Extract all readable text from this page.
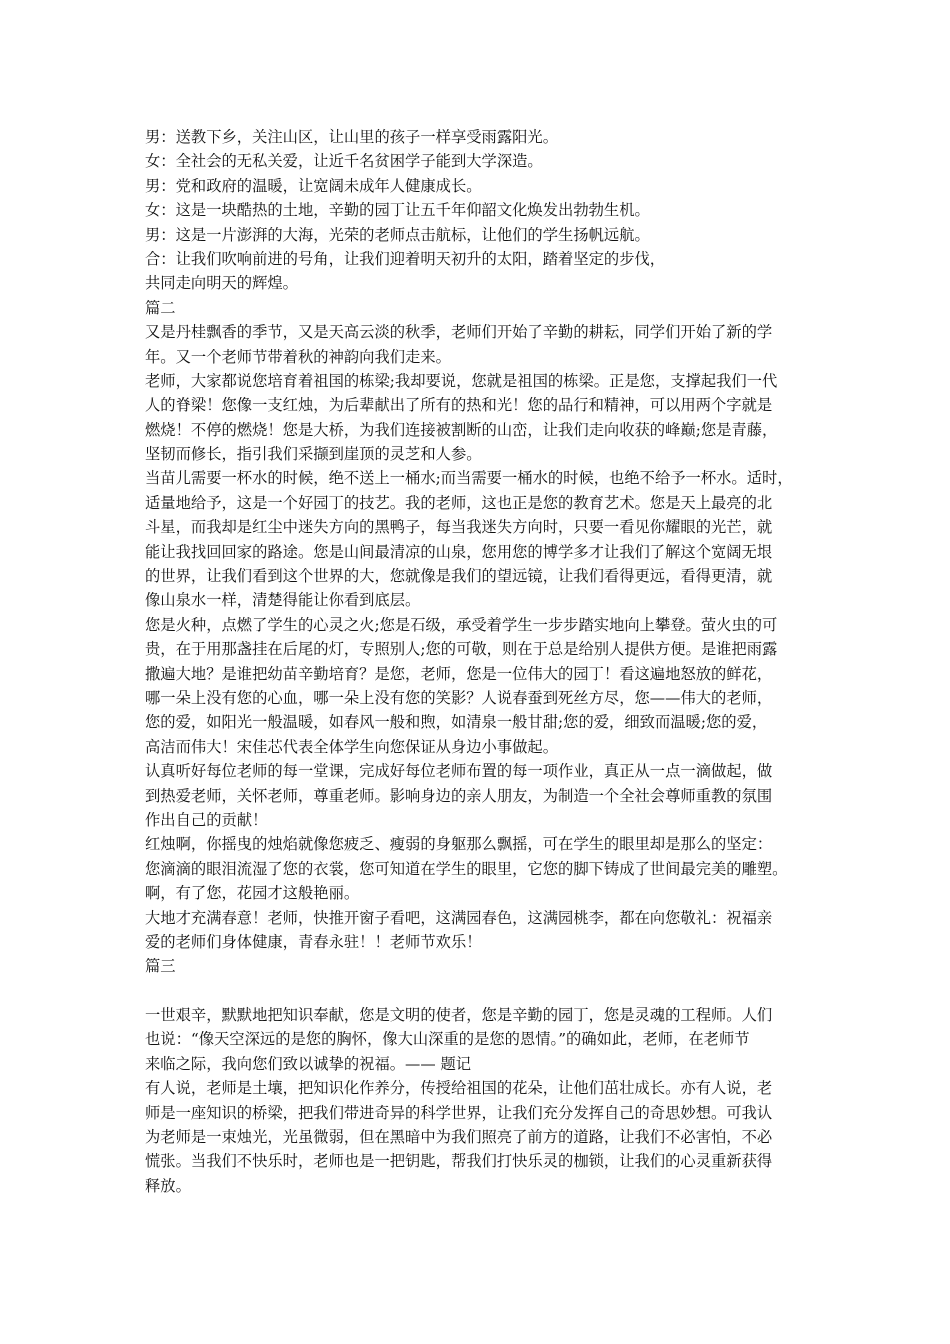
男：送教下乡，关注山区，让山里的孩子一样享受雨露阳光。
女：全社会的无私关爱，让近千名贫困学子能到大学深造。
男：党和政府的温暖，让宽阔未成年人健康成长。
女：这是一块酷热的土地，辛勤的园丁让五千年仰韶文化焕发出勃勃生机。
男：这是一片澎湃的大海，光荣的老师点击航标，让他们的学生扬帆远航。
合：让我们吹响前进的号角，让我们迎着明天初升的太阳，踏着坚定的步伐，
共同走向明天的辉煌。
篇二
又是丹桂飘香的季节，又是天高云淡的秋季，老师们开始了辛勤的耕耘，同学们开始了新的学
年。又一个老师节带着秋的神韵向我们走来。
老师，大家都说您培育着祖国的栋梁;我却要说，您就是祖国的栋梁。正是您，支撑起我们一代
人的脊梁！您像一支红烛，为后辈献出了所有的热和光！您的品行和精神，可以用两个字就是
燃烧！不停的燃烧！您是大桥，为我们连接被割断的山峦，让我们走向收获的峰巅;您是青藤，
坚韧而修长，指引我们采撷到崖顶的灵芝和人参。
当苗儿需要一杯水的时候，绝不送上一桶水;而当需要一桶水的时候，也绝不给予一杯水。适时，
适量地给予，这是一个好园丁的技艺。我的老师，这也正是您的教育艺术。您是天上最亮的北
斗星，而我却是红尘中迷失方向的黑鸭子，每当我迷失方向时，只要一看见你耀眼的光芒，就
能让我找回回家的路途。您是山间最清凉的山泉，您用您的博学多才让我们了解这个宽阔无垠
的世界，让我们看到这个世界的大，您就像是我们的望远镜，让我们看得更远，看得更清，就
像山泉水一样，清楚得能让你看到底层。
您是火种，点燃了学生的心灵之火;您是石级，承受着学生一步步踏实地向上攀登。萤火虫的可
贵，在于用那盏挂在后尾的灯，专照别人;您的可敬，则在于总是给别人提供方便。是谁把雨露
撒遍大地？是谁把幼苗辛勤培育？是您，老师，您是一位伟大的园丁！看这遍地怒放的鲜花，
哪一朵上没有您的心血，哪一朵上没有您的笑影？人说春蚕到死丝方尽，您——伟大的老师，
您的爱，如阳光一般温暖，如春风一般和煦，如清泉一般甘甜;您的爱，细致而温暖;您的爱，
高洁而伟大！宋佳芯代表全体学生向您保证从身边小事做起。
认真听好每位老师的每一堂课，完成好每位老师布置的每一项作业，真正从一点一滴做起，做
到热爱老师，关怀老师，尊重老师。影响身边的亲人朋友，为制造一个全社会尊师重教的氛围
作出自己的贡献！
红烛啊，你摇曳的烛焰就像您疲乏、瘦弱的身躯那么飘摇，可在学生的眼里却是那么的坚定：
您滴滴的眼泪流湿了您的衣裳，您可知道在学生的眼里，它您的脚下铸成了世间最完美的雕塑。
啊，有了您，花园才这般艳丽。
大地才充满春意！老师，快推开窗子看吧，这满园春色，这满园桃李，都在向您敬礼：祝福亲
爱的老师们身体健康，青春永驻！！老师节欢乐！
篇三
一世艰辛，默默地把知识奉献，您是文明的使者，您是辛勤的园丁，您是灵魂的工程师。人们
也说：“像天空深远的是您的胸怀，像大山深重的是您的恩情。”的确如此，老师，在老师节
来临之际，我向您们致以诚挚的祝福。—— 题记
有人说，老师是土壤，把知识化作养分，传授给祖国的花朵，让他们茁壮成长。亦有人说，老
师是一座知识的桥梁，把我们带进奇异的科学世界，让我们充分发挥自己的奇思妙想。可我认
为老师是一束烛光，光虽微弱，但在黑暗中为我们照亮了前方的道路，让我们不必害怕，不必
慌张。当我们不快乐时，老师也是一把钥匙，帮我们打快乐灵的枷锁，让我们的心灵重新获得
释放。
